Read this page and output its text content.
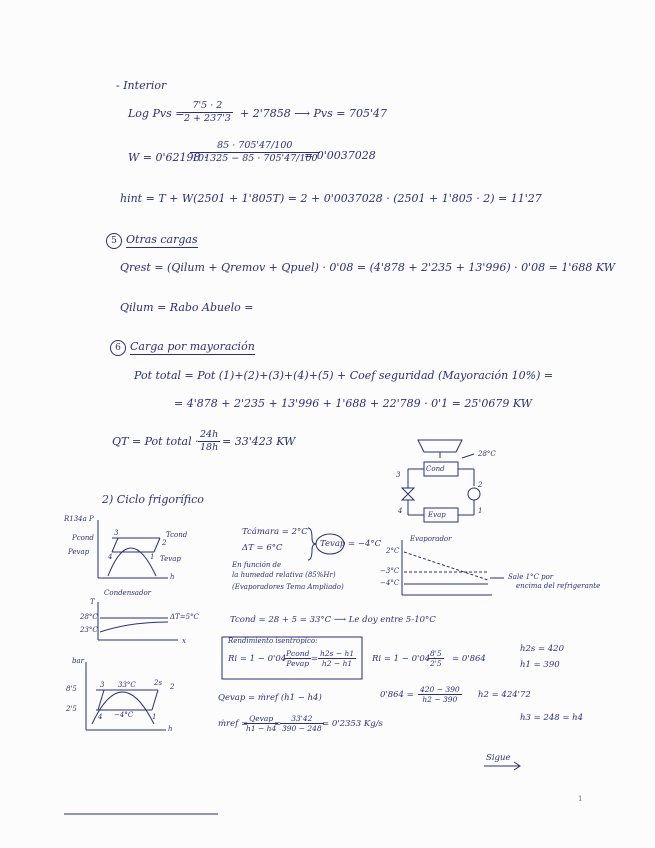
- Interior
Log Pvs =
$\frac{7'5 \cdot 2}{2 + 237'3} + 2'7858$ ⟶ Pvs = 705'47
W = 0'62198 ·
$\frac{85 \cdot 705'47/100}{101325 - 85 \cdot 705'47/100}$
= 0'0037028
hint = T + W(2501 + 1'805T) = 2 + 0'0037028 · (2501 + 1'805 · 2) = 11'27
5 Otras cargas
Qrest = (Qilum + Qremov + Qpuel) · 0'08 = (4'878 + 2'235 + 13'996) · 0'08 = 1'688 KW
Qilum = Rabo Abuelo =
6 Carga por mayoración
Pot total = Pot (1)+(2)+(3)+(4)+(5) + Coef seguridad (Mayoración 10%) =
= 4'878 + 2'235 + 13'996 + 1'688 + 22'789 · 0'1 = 25'0679 KW
QT = Pot total · $\frac{24h}{18h} = 33'423$ KW
Cond
Evap
28°C
3
2
4	1
2) Ciclo frigorífico
R134a P
Pcond
Pevap
Tcond
Tevap
h
3
2
4	1
Tcámara = 2°C
ΔT = 6°C	Tevap = −4°C
En función de
la humedad relativa (85%Hr)
(Evaporadores Tema Ampliado)
Evaporador
2°C
−3°C
−4°C
Sale 1°C por
encima del refrigerante
Condensador
T
28°C
23°C
ΔT=5°C
x
Tcond = 28 + 5 = 33°C ⟶ Le doy entre 5-10°C
Rendimiento isentrópico:
Ri = 1 − 0'04 ·
Pcond
Pevap = $\frac{h2s - h1}{h2 - h1}$ Ri = 1 − 0'04 ·
$\frac{8'5}{2'5} = 0'864$
h2s = 420
h1 = 390
$0'864 = \frac{420 - 390}{h2 - 390} h2 = 424'72$
h3 = 248 = h4
bar
8'5
2'5
33°C
−4°C
3	2s 2
4	1
h
Qevap = ṁref (h1 − h4)
ṁref =
Qevap
h1 − h4
=
$\frac{33'42}{390 - 248}$
= 0'2353 Kg/s
Sigue
1
